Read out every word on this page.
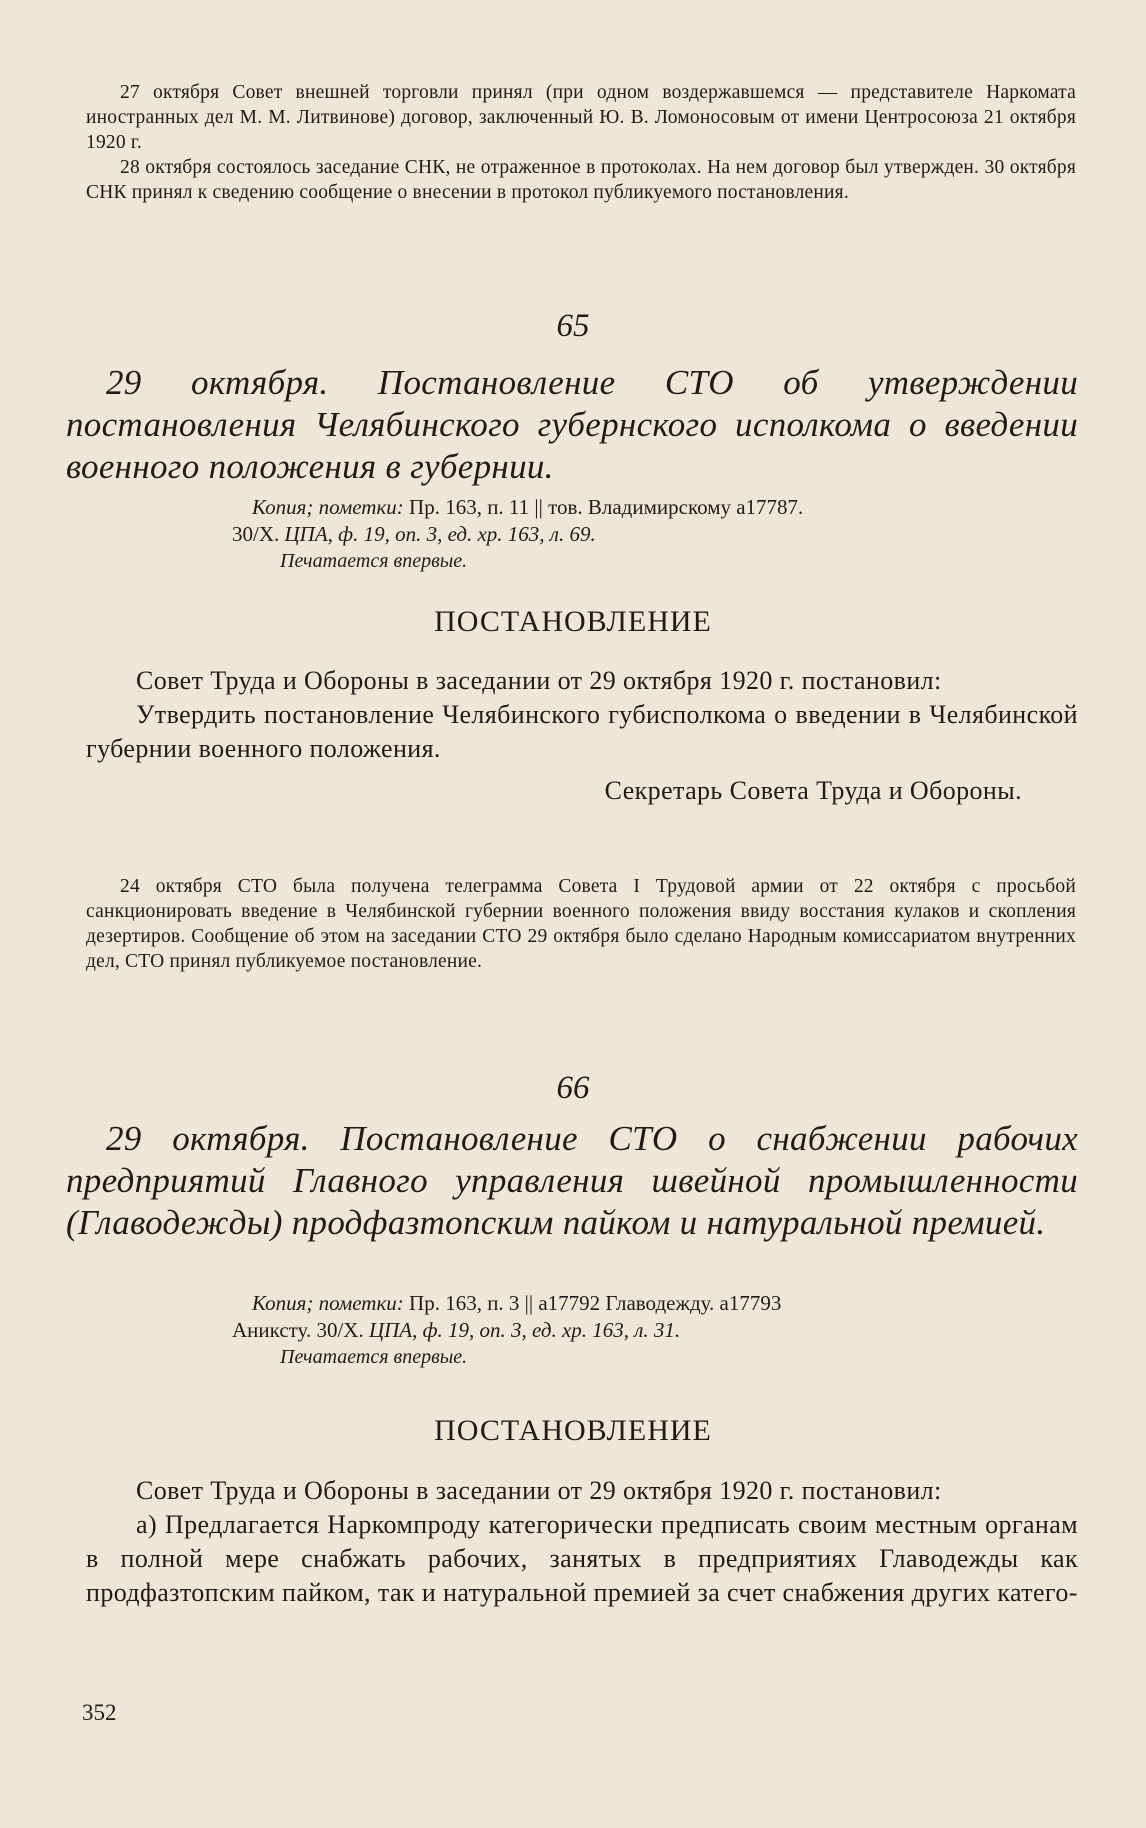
27 октября Совет внешней торговли принял (при одном воздержавшемся — представителе Наркомата иностранных дел М. М. Литвинове) договор, заключенный Ю. В. Ломоносовым от имени Центросоюза 21 октября 1920 г.

28 октября состоялось заседание СНК, не отраженное в протоколах. На нем договор был утвержден. 30 октября СНК принял к сведению сообщение о внесении в протокол публикуемого постановления.

65

29 октября. Постановление СТО об утверждении постановления Челябинского губернского исполкома о введении военного положения в губернии.

Копия; пометки: Пр. 163, п. 11 || тов. Владимирскому а17787.
30/X. ЦПА, ф. 19, оп. 3, ед. хр. 163, л. 69.
Печатается впервые.
ПОСТАНОВЛЕНИЕ

Совет Труда и Обороны в заседании от 29 октября 1920 г. постановил:

Утвердить постановление Челябинского губисполкома о введении в Челябинской губернии военного положения.

Секретарь Совета Труда и Обороны.

24 октября СТО была получена телеграмма Совета I Трудовой армии от 22 октября с просьбой санкционировать введение в Челябинской губернии военного положения ввиду восстания кулаков и скопления дезертиров. Сообщение об этом на заседании СТО 29 октября было сделано Народным комиссариатом внутренних дел, СТО принял публикуемое постановление.

66

29 октября. Постановление СТО о снабжении рабочих предприятий Главного управления швейной промышленности (Главодежды) продфазтопским пайком и натуральной премией.

Копия; пометки: Пр. 163, п. 3 || а17792 Главодежду. а17793
Аниксту. 30/X. ЦПА, ф. 19, оп. 3, ед. хр. 163, л. 31.
Печатается впервые.
ПОСТАНОВЛЕНИЕ

Совет Труда и Обороны в заседании от 29 октября 1920 г. постановил:

а) Предлагается Наркомпроду категорически предписать своим местным органам в полной мере снабжать рабочих, занятых в предприятиях Главодежды как продфазтопским пайком, так и натуральной премией за счет снабжения других катего-

352
